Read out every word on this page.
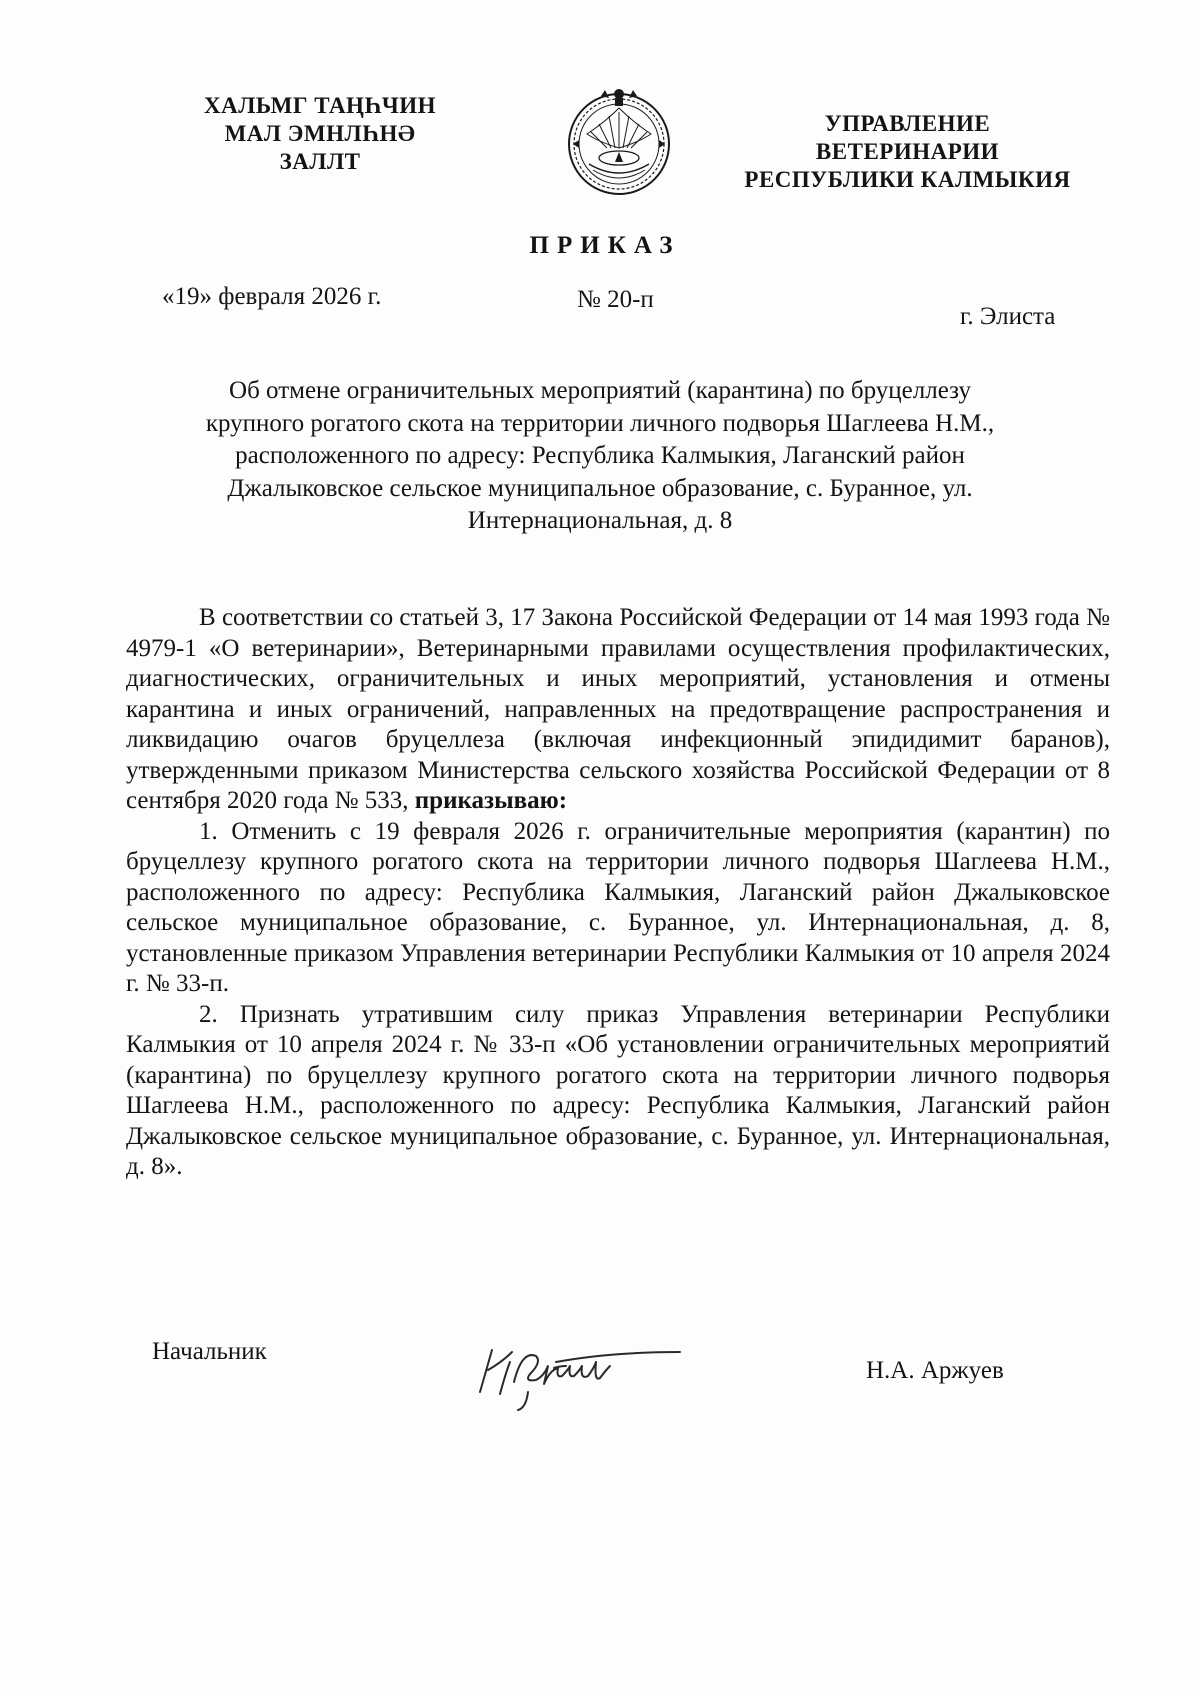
ХАЛЬМГ ТАҢҺЧИН
МАЛ ЭМНЛҺНƏ
ЗАЛЛТ
УПРАВЛЕНИЕ
ВЕТЕРИНАРИИ
РЕСПУБЛИКИ КАЛМЫКИЯ
ПРИКАЗ
«19» февраля 2026 г.	№ 20-п
г. Элиста
Об отмене ограничительных мероприятий (карантина) по бруцеллезу
крупного рогатого скота на территории личного подворья Шаглеева Н.М.,
расположенного по адресу: Республика Калмыкия, Лаганский район
Джалыковское сельское муниципальное образование, с. Буранное, ул.
Интернациональная, д. 8

В соответствии со статьей 3, 17 Закона Российской Федерации от 14 мая 1993 года № 4979-1 «О ветеринарии», Ветеринарными правилами осуществления профилактических, диагностических, ограничительных и иных мероприятий, установления и отмены карантина и иных ограничений, направленных на предотвращение распространения и ликвидацию очагов бруцеллеза (включая инфекционный эпидидимит баранов), утвержденными приказом Министерства сельского хозяйства Российской Федерации от 8 сентября 2020 года № 533, приказываю:

1. Отменить с 19 февраля 2026 г. ограничительные мероприятия (карантин) по бруцеллезу крупного рогатого скота на территории личного подворья Шаглеева Н.М., расположенного по адресу: Республика Калмыкия, Лаганский район Джалыковское сельское муниципальное образование, с. Буранное, ул. Интернациональная, д. 8, установленные приказом Управления ветеринарии Республики Калмыкия от 10 апреля 2024 г. № 33-п.

2. Признать утратившим силу приказ Управления ветеринарии Республики Калмыкия от 10 апреля 2024 г. № 33-п «Об установлении ограничительных мероприятий (карантина) по бруцеллезу крупного рогатого скота на территории личного подворья Шаглеева Н.М., расположенного по адресу: Республика Калмыкия, Лаганский район Джалыковское сельское муниципальное образование, с. Буранное, ул. Интернациональная, д. 8».

Начальник
Н.А. Аржуев
